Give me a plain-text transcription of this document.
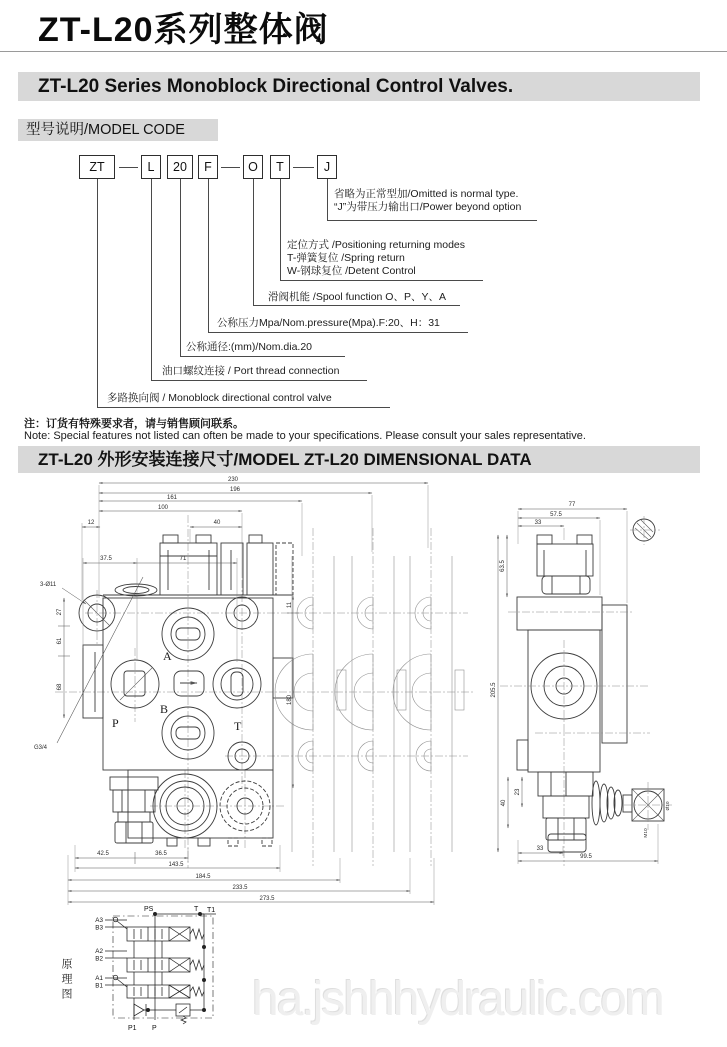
ZT-L20系列整体阀
ZT-L20 Series Monoblock Directional Control Valves.
型号说明/MODEL CODE
ZT	L	20	F	O	T	J
省略为正常型加/Omitted is normal type.
“J”为带压力输出口/Power beyond option
定位方式 /Positioning returning modes
T-弹簧复位 /Spring return
W-钢球复位 /Detent Control
滑阀机能 /Spool function O、P、Y、A
公称压力Mpa/Nom.pressure(Mpa).F:20、H：31
公称通径:(mm)/Nom.dia.20
油口螺纹连接 / Port thread connection
多路换向阀 / Monoblock directional control valve
注：订货有特殊要求者，请与销售顾问联系。
Note: Special features not listed can often be made to your specifications. Please consult your sales representative.
ZT-L20 外形安装连接尺寸/MODEL ZT-L20 DIMENSIONAL DATA
A
B
P	T
230
196
161
100
40
12
37.5	71
27
61
68
11
180
3-Ø11
G3/4
42.5	36.5
143.5
184.5
233.5
273.5
77
57.5
33
63.5
205.5
23
40
33
99.5
Ø10
M10
PS	T T1
A3
B3
A2
B2
A1
B1
P1 P
原理图	ha.jshhhydraulic.com
